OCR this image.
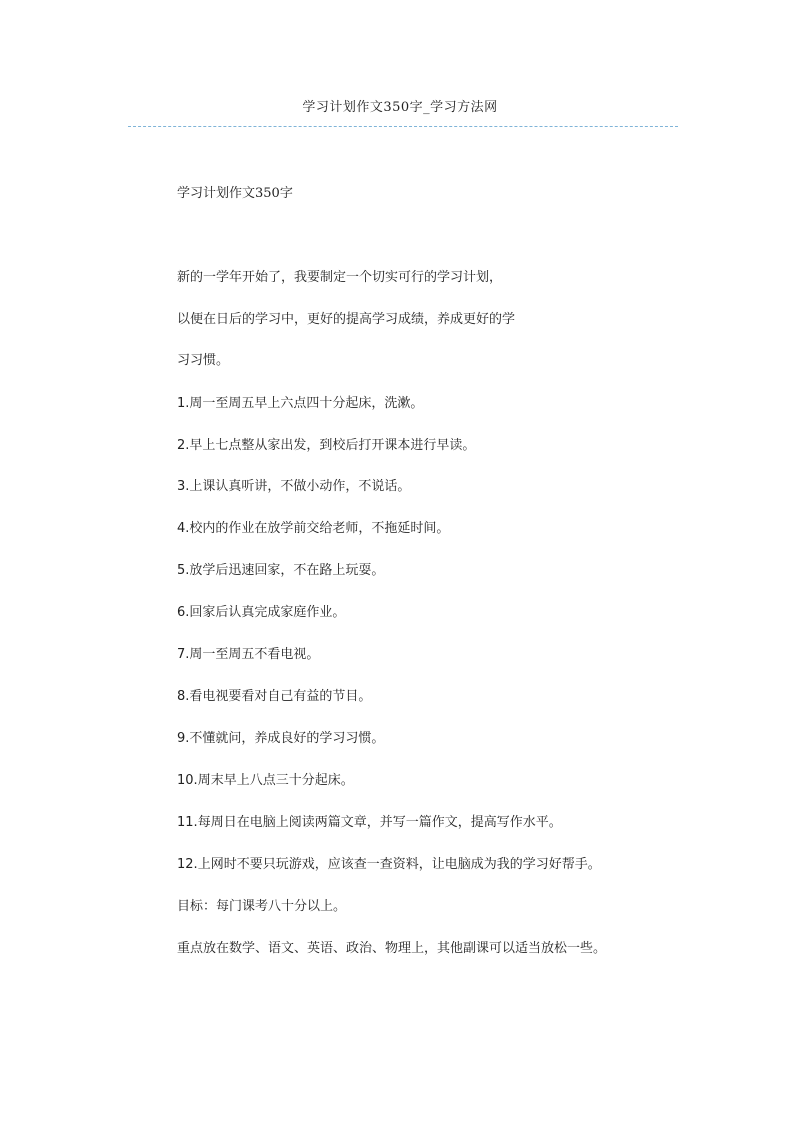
学习计划作文350字_学习方法网
学习计划作文350字
新的一学年开始了，我要制定一个切实可行的学习计划，
以便在日后的学习中，更好的提高学习成绩，养成更好的学
习习惯。
1.周一至周五早上六点四十分起床，洗漱。
2.早上七点整从家出发，到校后打开课本进行早读。
3.上课认真听讲，不做小动作，不说话。
4.校内的作业在放学前交给老师，不拖延时间。
5.放学后迅速回家，不在路上玩耍。
6.回家后认真完成家庭作业。
7.周一至周五不看电视。
8.看电视要看对自己有益的节目。
9.不懂就问，养成良好的学习习惯。
10.周末早上八点三十分起床。
11.每周日在电脑上阅读两篇文章，并写一篇作文，提高写作水平。
12.上网时不要只玩游戏，应该查一查资料，让电脑成为我的学习好帮手。
目标：每门课考八十分以上。
重点放在数学、语文、英语、政治、物理上，其他副课可以适当放松一些。
